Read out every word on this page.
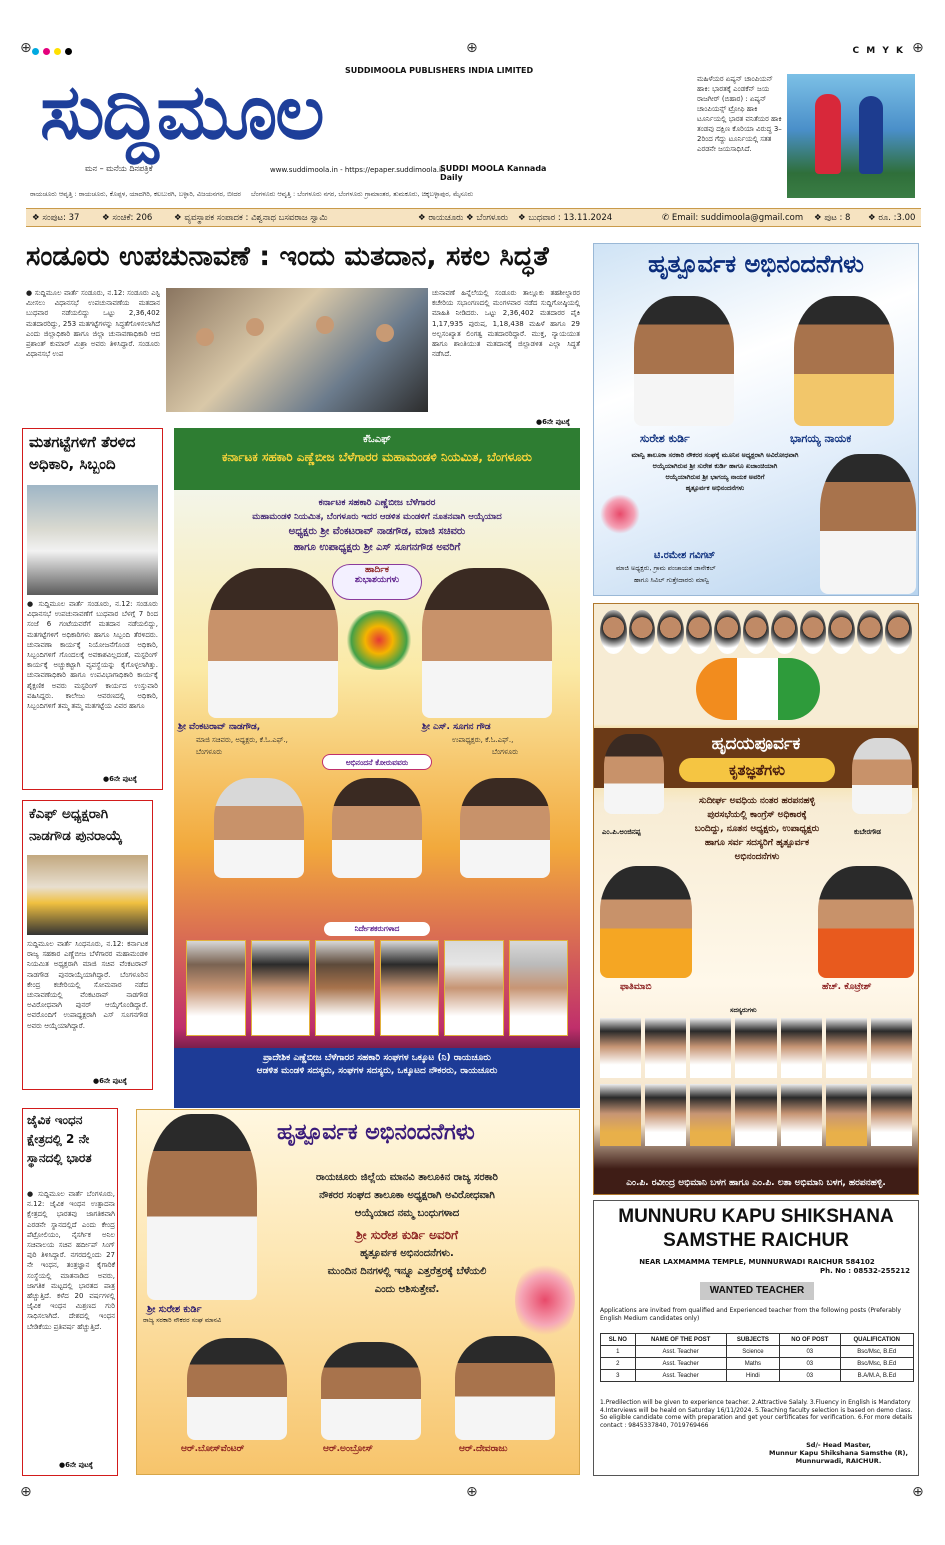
⊕	⊕	⊕
⊕	⊕	⊕
C M Y K
ಸುದ್ದಿಮೂಲ	SUDDIMOOLA PUBLISHERS INDIA LIMITED
ಮನ – ಮನೆಯ ದಿನಪತ್ರಿಕೆ	www.suddimoola.in - https://epaper.suddimoola.in
SUDDI MOOLA Kannada Daily
ಮಹಿಳೆಯರ ಏಷ್ಯನ್ ಚಾಂಪಿಯನ್ ಹಾಕಿ: ಭಾರತಕ್ಕೆ ಎಂಡಕೆನ್ ಜಯ ರಾಜಗೀರ್ (ಬಿಹಾರ) : ಏಷ್ಯನ್ ಚಾಂಪಿಯನ್ಸ್ ಟ್ರೋಫಿ ಹಾಕಿ ಟೂರ್ನಿಯಲ್ಲಿ ಭಾರತ ವನಿತೆಯರ ಹಾಕಿ ತಂಡವು ದಕ್ಷಿಣ ಕೊರಿಯಾ ವಿರುದ್ಧ 3–2ರಿಂದ ಗೆದ್ದು ಟೂರ್ನಿಯಲ್ಲಿ ಸತತ ಎರಡನೇ ಜಯಸಾಧಿಸಿದೆ.
ರಾಯಚೂರು ಆವೃತ್ತಿ : ರಾಯಚೂರು, ಕೊಪ್ಪಳ, ಯಾದಗಿರಿ, ಕಲಬುರಗಿ, ಬಳ್ಳಾರಿ, ವಿಜಯನಗರ, ಬೀದರ ಬೆಂಗಳೂರು ಆವೃತ್ತಿ : ಬೆಂಗಳೂರು ನಗರ, ಬೆಂಗಳೂರು ಗ್ರಾಮಾಂತರ, ತುಮಕೂರು, ಚಿಕ್ಕಬಳ್ಳಾಪುರ, ಮೈಸೂರು
❖ ಸಂಪುಟ: 37	❖ ಸಂಚಿಕೆ: 206	❖ ವ್ಯವಸ್ಥಾಪಕ ಸಂಪಾದಕ : ವಿಶ್ವನಾಥ ಬಸವರಾಜ ಸ್ವಾಮಿ	❖ ರಾಯಚೂರು ❖ ಬೆಂಗಳೂರು ❖ ಬುಧವಾರ : 13.11.2024	✆ Email: suddimoola@gmail.com ❖ ಪುಟ : 8 ❖ ರೂ. :3.00
ಸಂಡೂರು ಉಪಚುನಾವಣೆ : ಇಂದು ಮತದಾನ, ಸಕಲ ಸಿದ್ಧತೆ
● ಸುದ್ದಿಮೂಲ ವಾರ್ತೆ ಸಂಡೂರು, ನ.12: ಸಂಡೂರು ಎಸ್ಟಿ ಮೀಸಲು ವಿಧಾನಸಭೆ ಉಪಚುನಾವಣೆಯ ಮತದಾನ ಬುಧವಾರ ನಡೆಯಲಿದ್ದು ಒಟ್ಟು 2,36,402 ಮತದಾರರಿದ್ದು, 253 ಮತಗಟ್ಟೆಗಳನ್ನು ಸಿದ್ಧತೆಗೊಳಿಸಲಾಗಿದೆ ಎಂದು ಜಿಲ್ಲಾಧಿಕಾರಿ ಹಾಗೂ ಜಿಲ್ಲಾ ಚುನಾವಣಾಧಿಕಾರಿ ಆದ ಪ್ರಶಾಂತ್ ಕುಮಾರ್ ಮಿಶ್ರಾ ಅವರು ತಿಳಿಸಿದ್ದಾರೆ. ಸಂಡೂರು ವಿಧಾನಸಭೆ ಉಪ
ಚುನಾವಣೆ ಹಿನ್ನೆಲೆಯಲ್ಲಿ ಸಂಡೂರು ತಾಲ್ಲೂಕು ತಹಶೀಲ್ದಾರರ ಕಚೇರಿಯ ಸಭಾಂಗಣದಲ್ಲಿ ಮಂಗಳವಾರ ನಡೆದ ಸುದ್ದಿಗೋಷ್ಠಿಯಲ್ಲಿ ಮಾಹಿತಿ ನೀಡಿದರು. ಒಟ್ಟು 2,36,402 ಮತದಾರರ ಪೈಕಿ 1,17,935 ಪುರುಷ, 1,18,438 ಮಹಿಳೆ ಹಾಗೂ 29 ಅಲ್ಪಸಂಖ್ಯಾತ ಲಿಂಗತ್ವ ಮತದಾರರಿದ್ದಾರೆ. ಮುಕ್ತ, ನ್ಯಾಯಯುತ ಹಾಗೂ ಶಾಂತಿಯುತ ಮತದಾನಕ್ಕೆ ಜಿಲ್ಲಾಡಳಿತ ಎಲ್ಲಾ ಸಿದ್ಧತೆ ನಡೆಸಿದೆ.
●6ನೇ ಪುಟಕ್ಕೆ
ಮತಗಟ್ಟೆಗಳಿಗೆ ತೆರಳಿದ ಅಧಿಕಾರಿ, ಸಿಬ್ಬಂದಿ
● ಸುದ್ದಿಮೂಲ ವಾರ್ತೆ ಸಂಡೂರು, ನ.12: ಸಂಡೂರು ವಿಧಾನಸಭೆ ಉಪಚುನಾವಣೆಗೆ ಬುಧವಾರ ಬೆಳಗ್ಗೆ 7 ರಿಂದ ಸಂಜೆ 6 ಗಂಟೆಯವರೆಗೆ ಮತದಾನ ನಡೆಯಲಿದ್ದು, ಮತಗಟ್ಟೆಗಳಿಗೆ ಅಧಿಕಾರಿಗಳು ಹಾಗೂ ಸಿಬ್ಬಂದಿ ತೆರಳಿದರು. ಚುನಾವಣಾ ಕಾರ್ಯಕ್ಕೆ ನಿಯೋಜನೆಗೊಂಡ ಅಧಿಕಾರಿ, ಸಿಬ್ಬಂದಿಗಳಿಗೆ ಗೊಂದಲಕ್ಕೆ ಅವಕಾಶವಿಲ್ಲದಂತೆ, ಮಸ್ಟರಿಂಗ್ ಕಾರ್ಯಕ್ಕೆ ಅಚ್ಚುಕಟ್ಟಾಗಿ ವ್ಯವಸ್ಥೆಯನ್ನು ಕೈಗೊಳ್ಳಲಾಗಿತ್ತು. ಚುನಾವಣಾಧಿಕಾರಿ ಹಾಗೂ ಉಪವಿಭಾಗಾಧಿಕಾರಿ ಕಾರ್ಯಕ್ಕೆ ಶೈಕ್ಷಣಿಕ ಅವರು ಮಸ್ಟರಿಂಗ್ ಕಾರ್ಯದ ಉಸ್ತುವಾರಿ ವಹಿಸಿದ್ದರು. ಕಾಲೇಜು ಆವರಣದಲ್ಲಿ ಅಧಿಕಾರಿ, ಸಿಬ್ಬಂದಿಗಳಿಗೆ ತಮ್ಮ ತಮ್ಮ ಮತಗಟ್ಟೆಯ ವಿವರ ಹಾಗೂ
●6ನೇ ಪುಟಕ್ಕೆ
ಕೆಎಫ್ ಅಧ್ಯಕ್ಷರಾಗಿ ನಾಡಗೌಡ ಪುನರಾಯ್ಕೆ
ಸುದ್ದಿಮೂಲ ವಾರ್ತೆ ಸಿಂಧನೂರು, ನ.12: ಕರ್ನಾಟಕ ರಾಜ್ಯ ಸಹಕಾರ ಎಣ್ಣೆಬೀಜ ಬೆಳೆಗಾರರ ಮಹಾಮಂಡಳಿ ನಿಯಮಿತ ಅಧ್ಯಕ್ಷರಾಗಿ ಮಾಜಿ ಸಚಿವ ವೆಂಕಟರಾವ್ ನಾಡಗೌಡ ಪುನರಾಯ್ಕೆಯಾಗಿದ್ದಾರೆ. ಬೆಂಗಳೂರಿನ ಕೇಂದ್ರ ಕಚೇರಿಯಲ್ಲಿ ಸೋಮವಾರ ನಡೆದ ಚುನಾವಣೆಯಲ್ಲಿ ವೆಂಕಟರಾವ್ ನಾಡಗೌಡ ಅವಿರೋಧವಾಗಿ ಪುನರ್ ಆಯ್ಕೆಗೊಂಡಿದ್ದಾರೆ. ಅವರೊಂದಿಗೆ ಉಪಾಧ್ಯಕ್ಷರಾಗಿ ಎಸ್ ಸೂಗನಗೌಡ ಅವರು ಆಯ್ಕೆಯಾಗಿದ್ದಾರೆ.
●6ನೇ ಪುಟಕ್ಕೆ
ಜೈವಿಕ ಇಂಧನ ಕ್ಷೇತ್ರದಲ್ಲಿ 2 ನೇ ಸ್ಥಾನದಲ್ಲಿ ಭಾರತ
● ಸುದ್ದಿಮೂಲ ವಾರ್ತೆ ಬೆಂಗಳೂರು, ನ.12: ಜೈವಿಕ ಇಂಧನ ಉತ್ಪಾದನಾ ಕ್ಷೇತ್ರದಲ್ಲಿ ಭಾರತವು ಜಾಗತಿಕವಾಗಿ ಎರಡನೇ ಸ್ಥಾನದಲ್ಲಿದೆ ಎಂದು ಕೇಂದ್ರ ಪೆಟ್ರೋಲಿಯಂ, ನೈಸರ್ಗಿಕ ಅನಿಲ ಸಚಿವಾಲಯ ಸಚಿವ ಹರ್ದೀಪ್ ಸಿಂಗ್ ಪುರಿ ತಿಳಿಸಿದ್ದಾರೆ. ನಗರದಲ್ಲಿಂದು 27 ನೇ ಇಂಧನ, ತಂತ್ರಜ್ಞಾನ ಕೈಗಾರಿಕೆ ಸಂಸ್ಥೆಯಲ್ಲಿ ಮಾತನಾಡಿದ ಅವರು, ಜಾಗತಿಕ ಮಟ್ಟದಲ್ಲಿ ಭಾರತದ ಪಾತ್ರ ಹೆಚ್ಚುತ್ತಿದೆ. ಕಳೆದ 20 ವರ್ಷಗಳಲ್ಲಿ ಜೈವಿಕ ಇಂಧನ ಮಿಶ್ರಣದ ಗುರಿ ಸಾಧಿಸಲಾಗಿದೆ. ದೇಶದಲ್ಲಿ ಇಂಧನ ಬೇಡಿಕೆಯು ಪ್ರತಿವರ್ಷ ಹೆಚ್ಚುತ್ತಿದೆ.
●6ನೇ ಪುಟಕ್ಕೆ
ಕೆಓಎಫ್
ಕರ್ನಾಟಕ ಸಹಕಾರಿ ಎಣ್ಣೆಬೀಜ ಬೆಳೆಗಾರರ ಮಹಾಮಂಡಳಿ ನಿಯಮಿತ, ಬೆಂಗಳೂರು
ಕರ್ನಾಟಕ ಸಹಕಾರಿ ಎಣ್ಣೆಬೀಜ ಬೆಳೆಗಾರರ
ಮಹಾಮಂಡಳಿ ನಿಯಮಿತ, ಬೆಂಗಳೂರು ಇದರ ಆಡಳಿತ ಮಂಡಳಿಗೆ ನೂತನವಾಗಿ ಆಯ್ಕೆಯಾದ
ಅಧ್ಯಕ್ಷರು ಶ್ರೀ ವೆಂಕಟರಾವ್ ನಾಡಗೌಡ, ಮಾಜಿ ಸಚಿವರು
ಹಾಗೂ ಉಪಾಧ್ಯಕ್ಷರು ಶ್ರೀ ಎಸ್ ಸೂಗನಗೌಡ ಅವರಿಗೆ
ಹಾರ್ದಿಕ
ಶುಭಾಶಯಗಳು
ಶ್ರೀ ವೆಂಕಟರಾವ್ ನಾಡಗೌಡ,
ಮಾಜಿ ಸಚಿವರು, ಅಧ್ಯಕ್ಷರು, ಕೆ.ಓ.ಎಫ್.,
ಬೆಂಗಳೂರು
ಶ್ರೀ ಎಸ್. ಸೂಗನ ಗೌಡ
ಉಪಾಧ್ಯಕ್ಷರು, ಕೆ.ಓ.ಎಫ್.,
ಬೆಂಗಳೂರು
ಅಭಿನಂದನೆ ಕೋರುವವರು
ನಿರ್ದೇಶಕರುಗಳಾದ
ಪ್ರಾದೇಶಿಕ ಎಣ್ಣೆಬೀಜ ಬೆಳೆಗಾರರ ಸಹಕಾರಿ ಸಂಘಗಳ ಒಕ್ಕೂಟ (ನಿ) ರಾಯಚೂರು
ಆಡಳಿತ ಮಂಡಳಿ ಸದಸ್ಯರು, ಸಂಘಗಳ ಸದಸ್ಯರು, ಒಕ್ಕೂಟದ ನೌಕರರು, ರಾಯಚೂರು
ಹೃತ್ಪೂರ್ವಕ ಅಭಿನಂದನೆಗಳು
ಸುರೇಶ ಕುರ್ಡಿ	ಭಾಗಯ್ಯ ನಾಯಕ
ಮಾನ್ವಿ ತಾಲೂಕಾ ಸರಕಾರಿ ನೌಕರರ ಸಂಘಕ್ಕೆ ಮೂನಿನ ಅಧ್ಯಕ್ಷರಾಗಿ ಅವಿರೋಧವಾಗಿ
ಆಯ್ಕೆಯಾಗಿರುವ ಶ್ರೀ ಸುರೇಶ ಕುರ್ಡಿ ಹಾಗೂ ಖಜಾಂಚಿಯಾಗಿ
ಆಯ್ಕೆಯಾಗಿರುವ ಶ್ರೀ ಭಾಗಯ್ಯ ನಾಯಕ ಅವರಿಗೆ
ಹೃತ್ಪೂರ್ವಕ ಅಭಿನಂದನೆಗಳು
ಟಿ.ರಮೇಶ ಗವಿಗಟ್
ಮಾಜಿ ಅಧ್ಯಕ್ಷರು, ಗ್ರಾಮ ಪಂಚಾಯತ ಜಾನೇಕಲ್
ಹಾಗೂ ಸಿವಿಲ್ ಗುತ್ತೇದಾರರು ಮಾನ್ವಿ
ಹೃದಯಪೂರ್ವಕ
ಕೃತಜ್ಞತೆಗಳು
ಸುದೀರ್ಘ ಅವಧಿಯ ನಂತರ ಹರಪನಹಳ್ಳಿ ಪುರಸಭೆಯಲ್ಲಿ ಕಾಂಗ್ರೆಸ್ ಅಧಿಕಾರಕ್ಕೆ ಬಂದಿದ್ದು, ನೂತನ ಅಧ್ಯಕ್ಷರು, ಉಪಾಧ್ಯಕ್ಷರು ಹಾಗೂ ಸರ್ವ ಸದಸ್ಯರಿಗೆ ಹೃತ್ಪೂರ್ವಕ ಅಭಿನಂದನೆಗಳು
ಎಂ.ಪಿ.ಅಂಜಿನಪ್ಪ	ಕುಬೇರಗೌಡ
ಫಾತಿಮಾಬಿ	ಹೆಚ್. ಕೊಟ್ರೇಶ್
ಸದಸ್ಯರುಗಳು
ಎಂ.ಪಿ. ರವೀಂದ್ರ ಅಭಿಮಾನಿ ಬಳಗ ಹಾಗೂ ಎಂ.ಪಿ. ಲತಾ ಅಭಿಮಾನಿ ಬಳಗ, ಹರಪನಹಳ್ಳಿ.
ಹೃತ್ಪೂರ್ವಕ ಅಭಿನಂದನೆಗಳು
ರಾಯಚೂರು ಜಿಲ್ಲೆಯ ಮಾನವಿ ತಾಲೂಕಿನ ರಾಜ್ಯ ಸರಕಾರಿ
ನೌಕರರ ಸಂಘದ ತಾಲೂಕಾ ಅಧ್ಯಕ್ಷರಾಗಿ ಅವಿರೋಧವಾಗಿ
ಆಯ್ಕೆಯಾದ ನಮ್ಮ ಬಂಧುಗಳಾದ
ಶ್ರೀ ಸುರೇಶ ಕುರ್ಡಿ ಅವರಿಗೆ
ಹೃತ್ಪೂರ್ವಕ ಅಭಿನಂದನೆಗಳು.
ಮುಂದಿನ ದಿನಗಳಲ್ಲಿ ಇನ್ನೂ ಎತ್ತರೆತ್ತರಕ್ಕೆ ಬೆಳೆಯಲಿ
ಎಂದು ಆಶಿಸುತ್ತೇವೆ.
ಶ್ರೀ ಸುರೇಶ ಕುರ್ಡಿ
ರಾಜ್ಯ ಸರಕಾರಿ ನೌಕರರ ಸಂಘ ಮಾನವಿ
ಆರ್.ಬೋಸ್‌ವೆಂಟರ್	ಆರ್.ಅಂಬ್ರೋಸ್	ಆರ್.ದೇವರಾಜು
MUNNURU KAPU SHIKSHANA SAMSTHE RAICHUR
NEAR LAXMAMMA TEMPLE, MUNNURWADI RAICHUR 584102
Ph. No : 08532-255212
WANTED TEACHER
Applications are invited from qualified and Experienced teacher from the following posts (Preferably English Medium candidates only)
SL NO	NAME OF THE POST	SUBJECTS	NO OF POST	QUALIFICATION
1	Asst. Teacher	Science	03	Bsc/Msc, B.Ed
2	Asst. Teacher	Maths	03	Bsc/Msc, B.Ed
3	Asst. Teacher	Hindi	03	B.A/M.A, B.Ed
1.Predilection will be given to experience teacher. 2.Attractive Salaly. 3.Fluency in English is Mandatory 4.Interviews will be heald on Saturday 16/11/2024. 5.Teaching faculty selection is based on demo class. So eligible candidate come with preparation and get your certificates for verification. 6.For more details contact : 9845337840, 7019769466
Sd/- Head Master,
Munnur Kapu Shikshana Samsthe (R),
Munnurwadi, RAICHUR.
